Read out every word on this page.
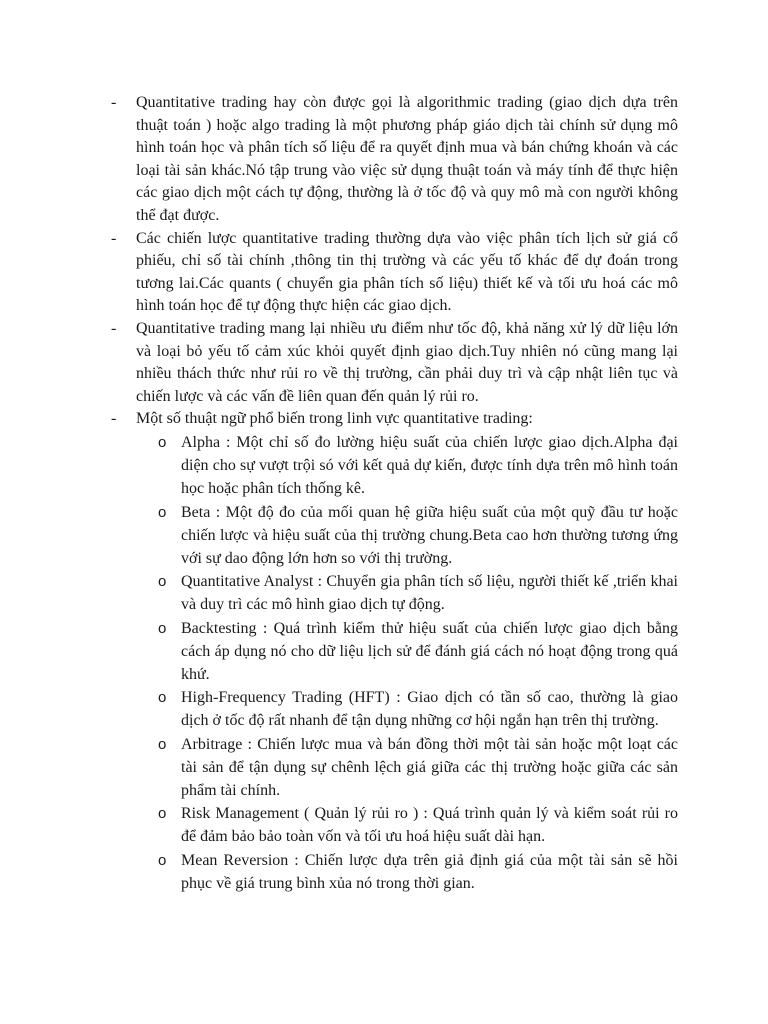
- Quantitative trading hay còn được gọi là algorithmic trading (giao dịch dựa trên thuật toán ) hoặc algo trading là một phương pháp giáo dịch tài chính sử dụng mô hình toán học và phân tích số liệu để ra quyết định mua và bán chứng khoán và các loại tài sản khác.Nó tập trung vào việc sử dụng thuật toán và máy tính để thực hiện các giao dịch một cách tự động, thường là ở tốc độ và quy mô mà con người không thể đạt được.
- Các chiến lược quantitative trading thường dựa vào việc phân tích lịch sử giá cổ phiếu, chỉ số tài chính ,thông tin thị trường và các yếu tố khác để dự đoán trong tương lai.Các quants ( chuyển gia phân tích số liệu) thiết kế và tối ưu hoá các mô hình toán học để tự động thực hiện các giao dịch.
- Quantitative trading mang lại nhiều ưu điểm như tốc độ, khả năng xử lý dữ liệu lớn và loại bỏ yếu tố cảm xúc khỏi quyết định giao dịch.Tuy nhiên nó cũng mang lại nhiều thách thức như rủi ro về thị trường, cần phải duy trì và cập nhật liên tục và chiến lược và các vấn đề liên quan đến quản lý rủi ro.
- Một số thuật ngữ phổ biến trong linh vực quantitative trading:
o Alpha : Một chỉ số đo lường hiệu suất của chiến lược giao dịch.Alpha đại diện cho sự vượt trội só với kết quả dự kiến, được tính dựa trên mô hình toán học hoặc phân tích thống kê.
o Beta : Một độ đo của mối quan hệ giữa hiệu suất của một quỹ đầu tư hoặc chiến lược và hiệu suất của thị trường chung.Beta cao hơn thường tương ứng với sự dao động lớn hơn so với thị trường.
o Quantitative Analyst : Chuyển gia phân tích số liệu, người thiết kế ,triển khai và duy trì các mô hình giao dịch tự động.
o Backtesting : Quá trình kiểm thử hiệu suất của chiến lược giao dịch bằng cách áp dụng nó cho dữ liệu lịch sử để đánh giá cách nó hoạt động trong quá khứ.
o High-Frequency Trading (HFT) : Giao dịch có tần số cao, thường là giao dịch ở tốc độ rất nhanh để tận dụng những cơ hội ngắn hạn trên thị trường.
o Arbitrage : Chiến lược mua và bán đồng thời một tài sản hoặc một loạt các tài sản để tận dụng sự chênh lệch giá giữa các thị trường hoặc giữa các sản phẩm tài chính.
o Risk Management ( Quản lý rủi ro ) : Quá trình quản lý và kiểm soát rủi ro để đảm bảo bảo toàn vốn và tối ưu hoá hiệu suất dài hạn.
o Mean Reversion : Chiến lược dựa trên giả định giá của một tài sản sẽ hồi phục về giá trung bình xủa nó trong thời gian.
